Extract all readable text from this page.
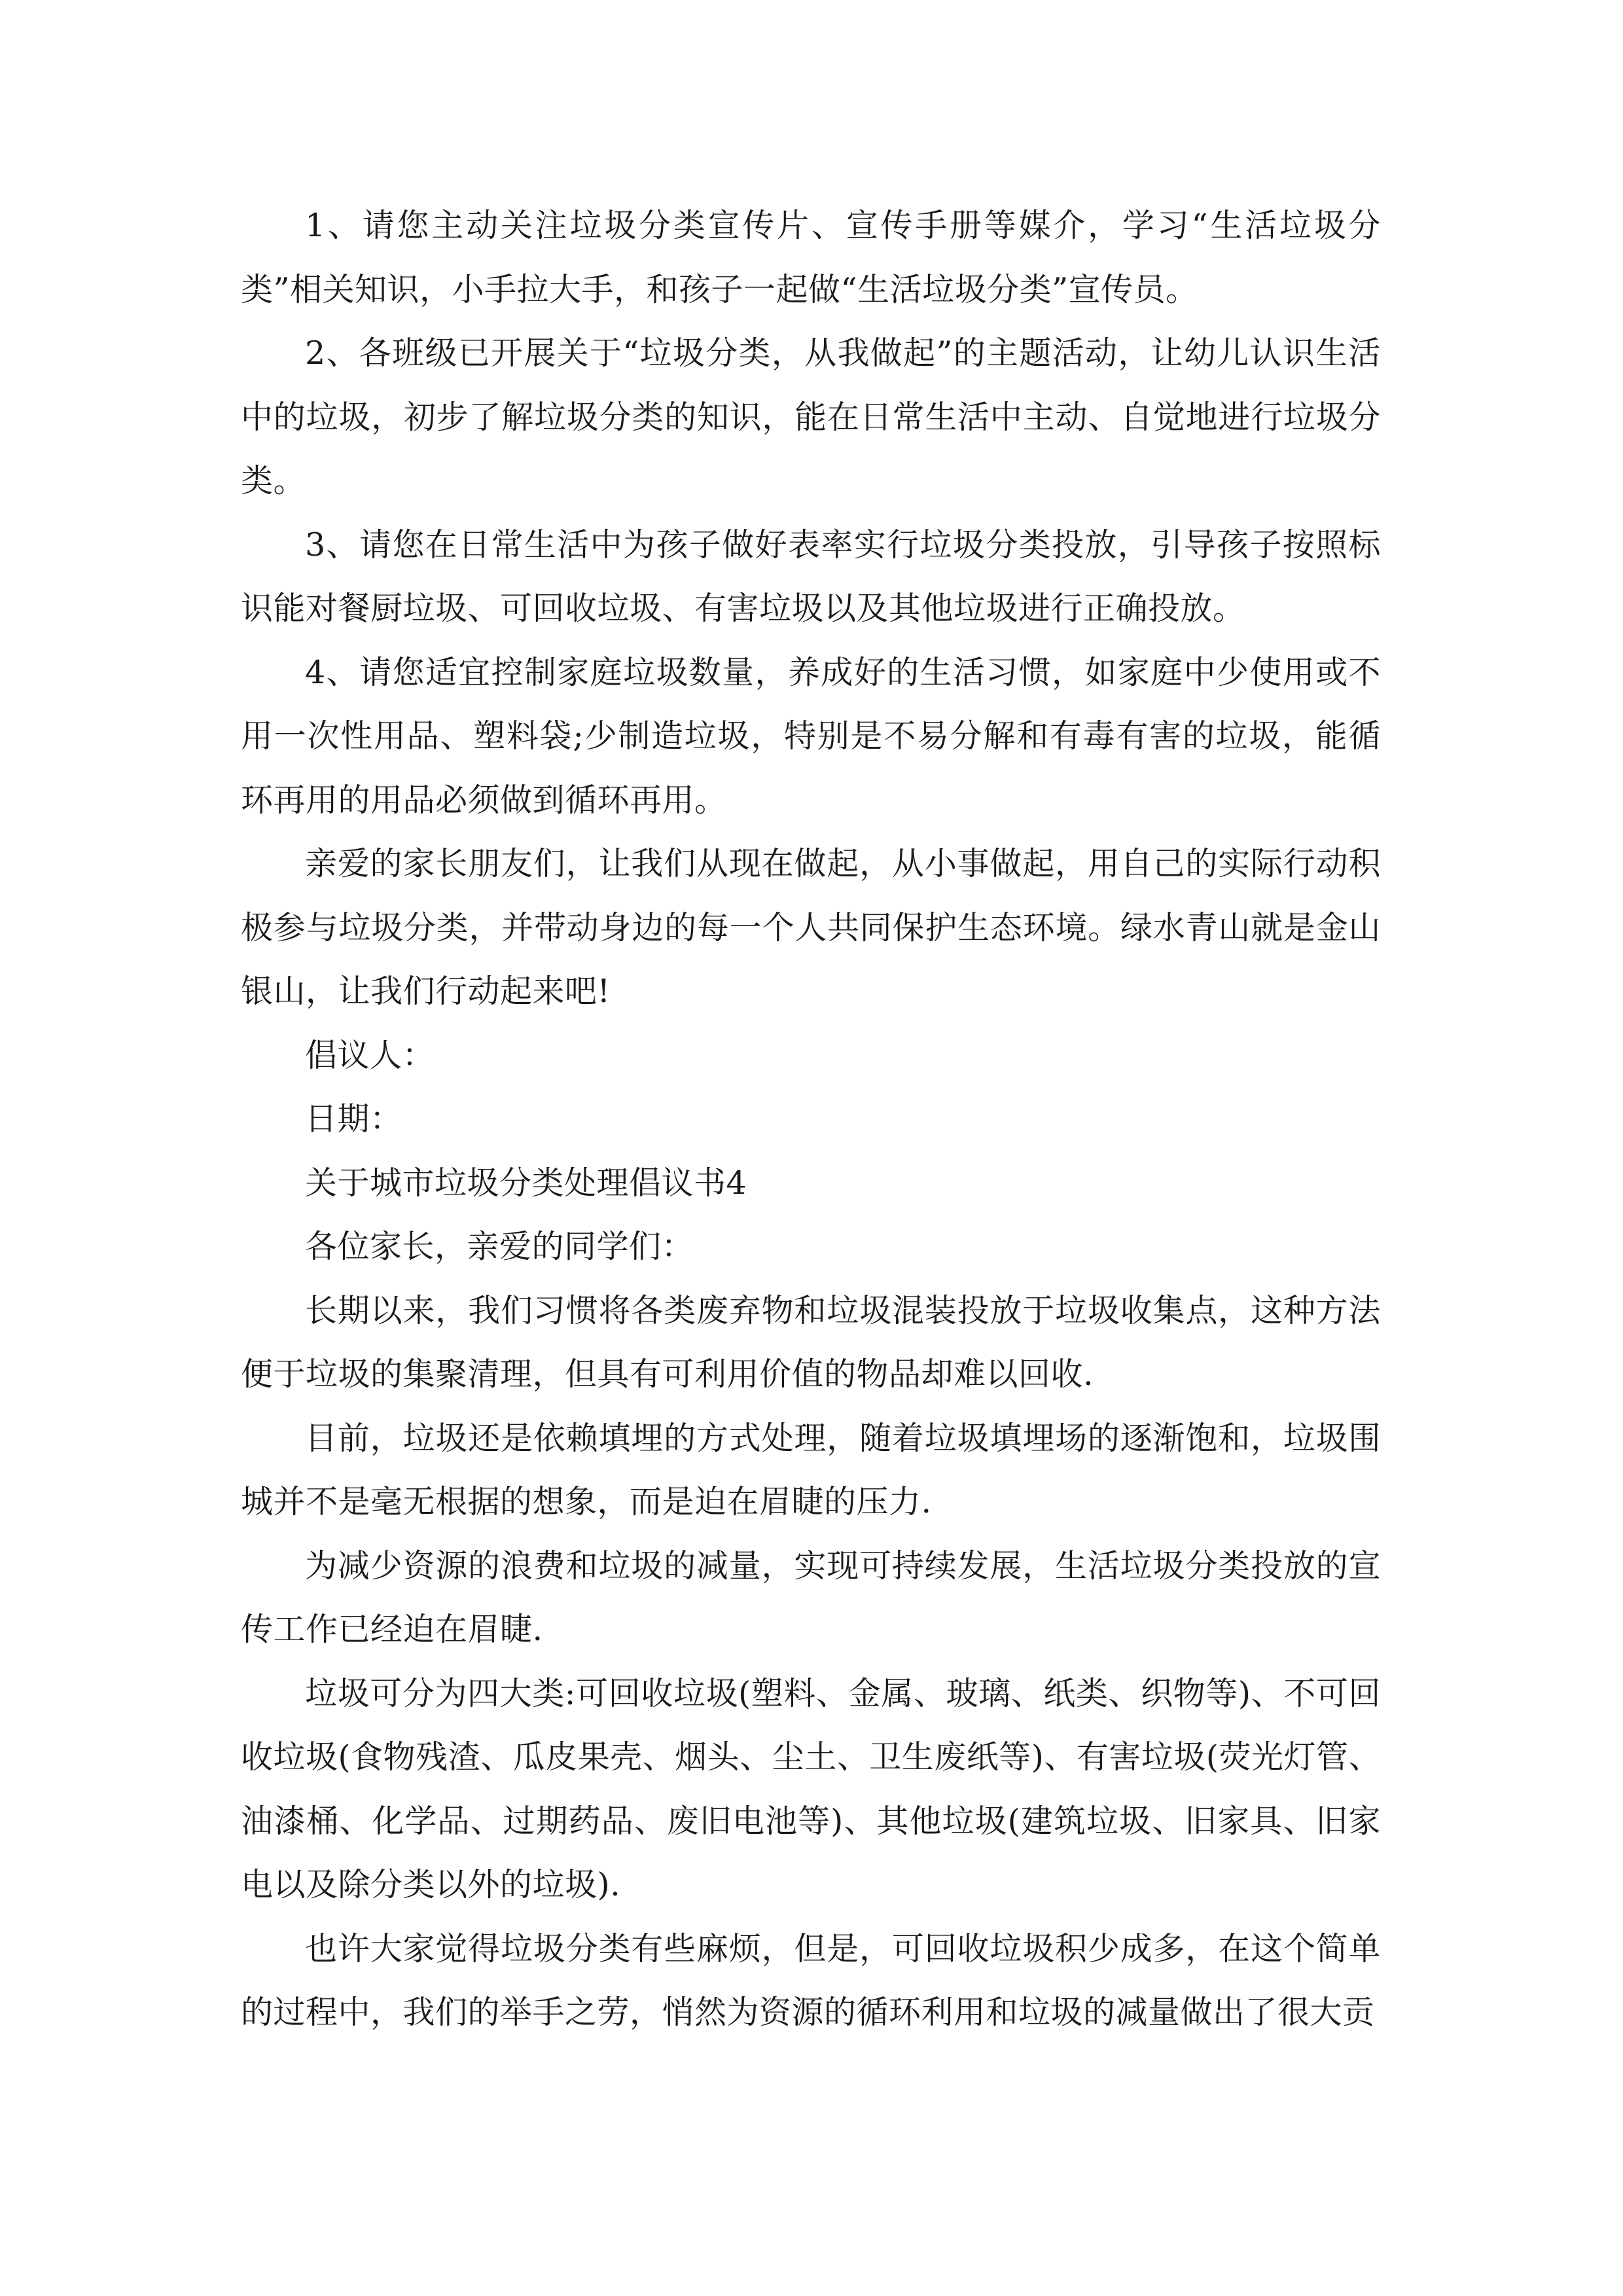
1、请您主动关注垃圾分类宣传片、宣传手册等媒介，学习“生活垃圾分类”相关知识，小手拉大手，和孩子一起做“生活垃圾分类”宣传员。

2、各班级已开展关于“垃圾分类，从我做起”的主题活动，让幼儿认识生活中的垃圾，初步了解垃圾分类的知识，能在日常生活中主动、自觉地进行垃圾分类。

3、请您在日常生活中为孩子做好表率实行垃圾分类投放，引导孩子按照标识能对餐厨垃圾、可回收垃圾、有害垃圾以及其他垃圾进行正确投放。

4、请您适宜控制家庭垃圾数量，养成好的生活习惯，如家庭中少使用或不用一次性用品、塑料袋;少制造垃圾，特别是不易分解和有毒有害的垃圾，能循环再用的用品必须做到循环再用。

亲爱的家长朋友们，让我们从现在做起，从小事做起，用自己的实际行动积极参与垃圾分类，并带动身边的每一个人共同保护生态环境。绿水青山就是金山银山，让我们行动起来吧!

倡议人：

日期：

关于城市垃圾分类处理倡议书4

各位家长，亲爱的同学们：

长期以来，我们习惯将各类废弃物和垃圾混装投放于垃圾收集点，这种方法便于垃圾的集聚清理，但具有可利用价值的物品却难以回收.

目前，垃圾还是依赖填埋的方式处理，随着垃圾填埋场的逐渐饱和，垃圾围城并不是毫无根据的想象，而是迫在眉睫的压力.

为减少资源的浪费和垃圾的减量，实现可持续发展，生活垃圾分类投放的宣传工作已经迫在眉睫.

垃圾可分为四大类:可回收垃圾(塑料、金属、玻璃、纸类、织物等)、不可回收垃圾(食物残渣、瓜皮果壳、烟头、尘土、卫生废纸等)、有害垃圾(荧光灯管、油漆桶、化学品、过期药品、废旧电池等)、其他垃圾(建筑垃圾、旧家具、旧家电以及除分类以外的垃圾).

也许大家觉得垃圾分类有些麻烦，但是，可回收垃圾积少成多，在这个简单的过程中，我们的举手之劳，悄然为资源的循环利用和垃圾的减量做出了很大贡
